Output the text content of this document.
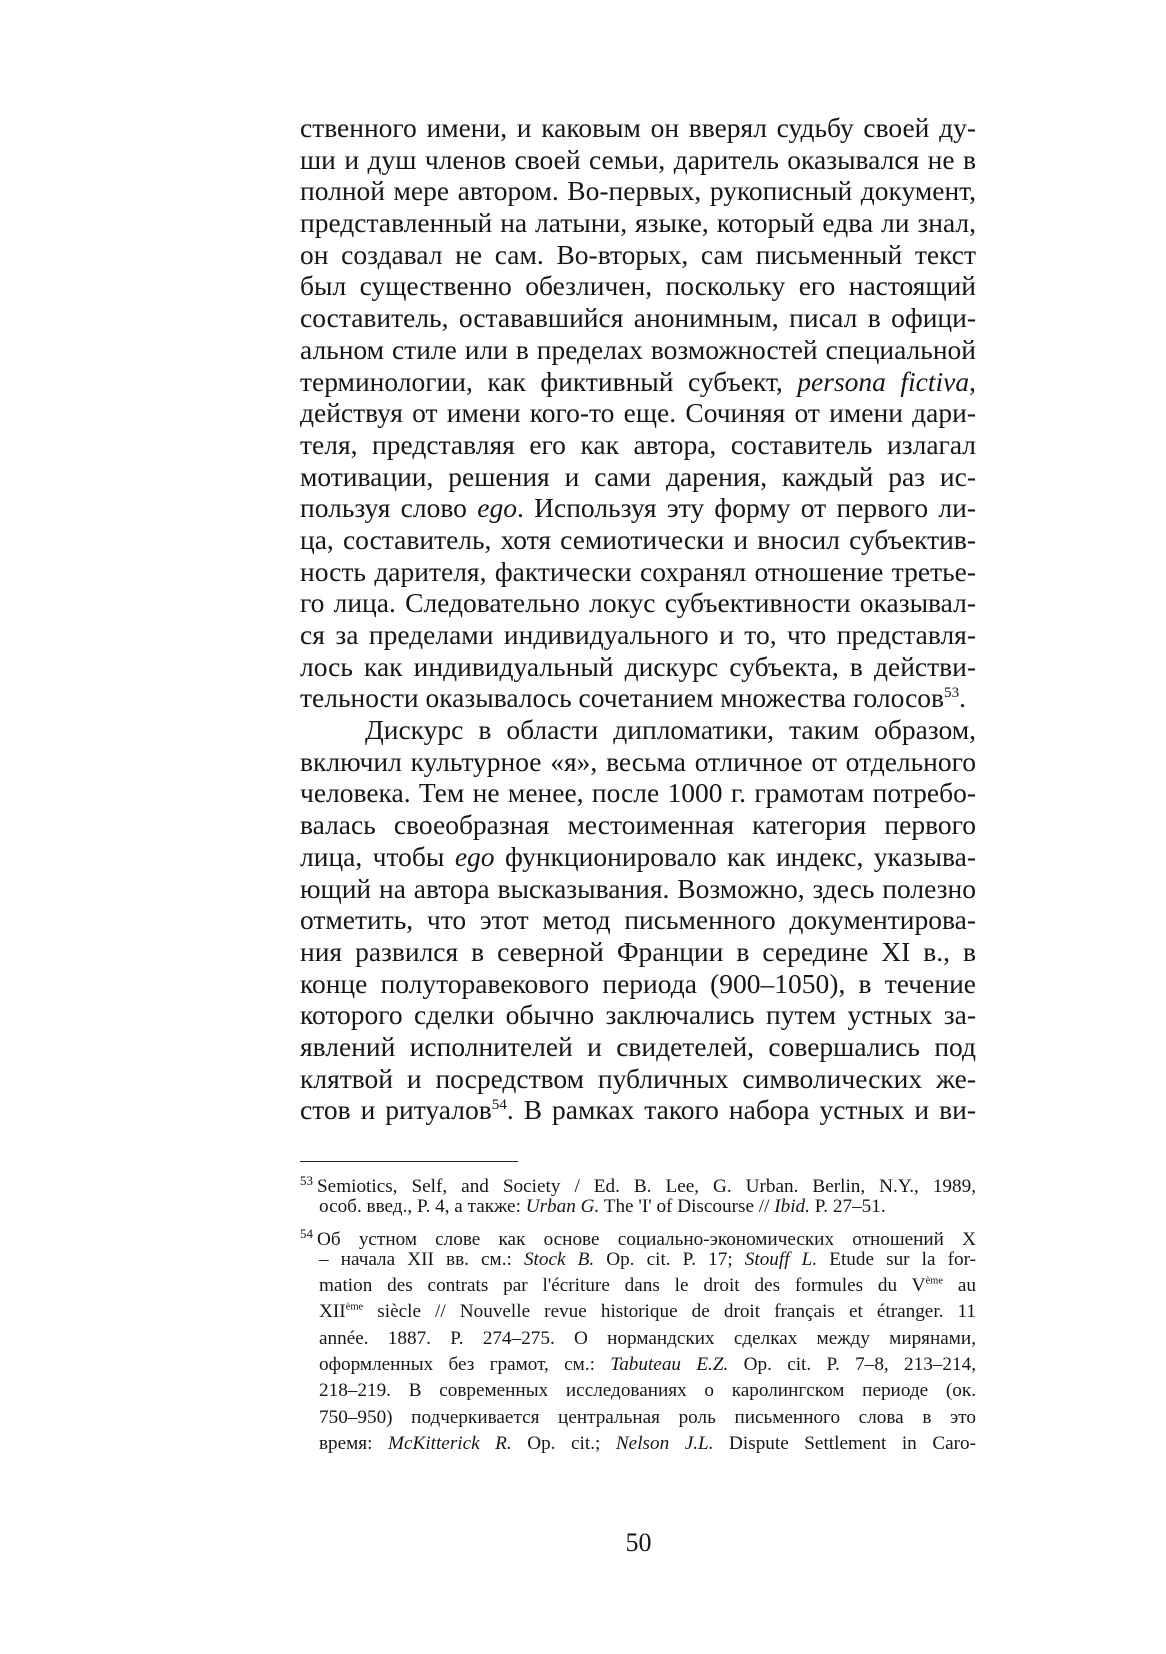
ственного имени, и каковым он вверял судьбу своей ду-
ши и душ членов своей семьи, даритель оказывался не в
полной мере автором. Во-первых, рукописный документ,
представленный на латыни, языке, который едва ли знал,
он создавал не сам. Во-вторых, сам письменный текст
был существенно обезличен, поскольку его настоящий
составитель, остававшийся анонимным, писал в офици-
альном стиле или в пределах возможностей специальной
терминологии, как фиктивный субъект, persona fictiva,
действуя от имени кого-то еще. Сочиняя от имени дари-
теля, представляя его как автора, составитель излагал
мотивации, решения и сами дарения, каждый раз ис-
пользуя слово ego. Используя эту форму от первого ли-
ца, составитель, хотя семиотически и вносил субъектив-
ность дарителя, фактически сохранял отношение третье-
го лица. Следовательно локус субъективности оказывал-
ся за пределами индивидуального и то, что представля-
лось как индивидуальный дискурс субъекта, в действи-
тельности оказывалось сочетанием множества голосов$^{53}$.
Дискурс в области дипломатики, таким образом,
включил культурное «я», весьма отличное от отдельного
человека. Тем не менее, после 1000 г. грамотам потребо-
валась своеобразная местоименная категория первого
лица, чтобы ego функционировало как индекс, указыва-
ющий на автора высказывания. Возможно, здесь полезно
отметить, что этот метод письменного документирова-
ния развился в северной Франции в середине XI в., в
конце полуторавекового периода (900–1050), в течение
которого сделки обычно заключались путем устных за-
явлений исполнителей и свидетелей, совершались под
клятвой и посредством публичных символических же-
стов и ритуалов$^{54}$. В рамках такого набора устных и ви-
$^{53}$ Semiotics, Self, and Society / Ed. B. Lee, G. Urban. Berlin, N.Y., 1989,
особ. введ., P. 4, а также: Urban G. The 'I' of Discourse // Ibid. P. 27–51.
$^{54}$ Об устном слове как основе социально-экономических отношений X
– начала XII вв. см.: Stock B. Op. cit. P. 17; Stouff L. Etude sur la for-
mation des contrats par l'écriture dans le droit des formules du Vème au
XIIème siècle // Nouvelle revue historique de droit français et étranger. 11
année. 1887. P. 274–275. О нормандских сделках между мирянами,
оформленных без грамот, см.: Tabuteau E.Z. Op. cit. P. 7–8, 213–214,
218–219. В современных исследованиях о каролингском периоде (ок.
750–950) подчеркивается центральная роль письменного слова в это
время: McKitterick R. Op. cit.; Nelson J.L. Dispute Settlement in Caro-
50
